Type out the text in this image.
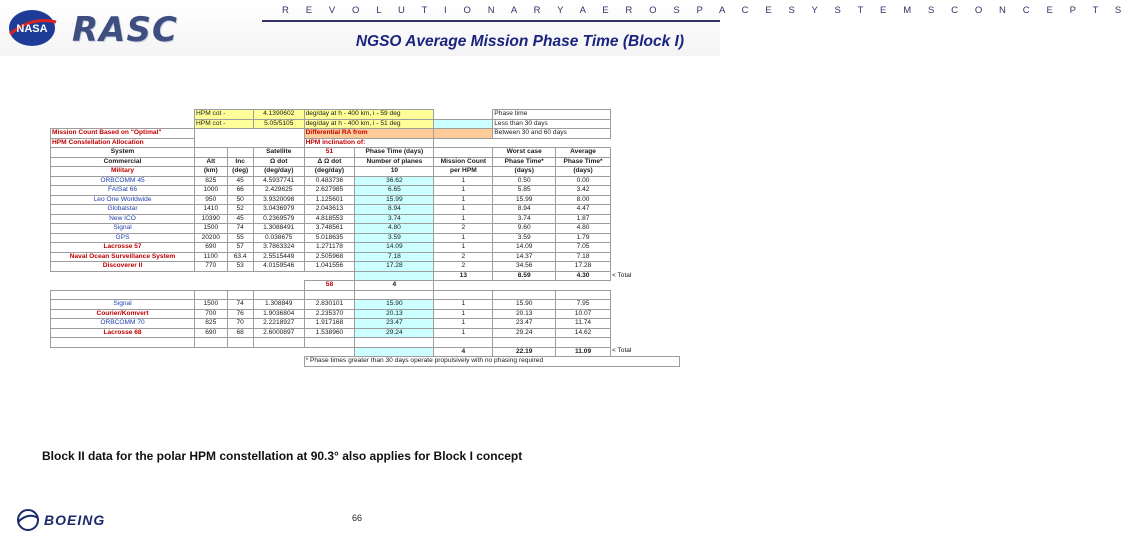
NASA RASC	R E V O L U T I O N A R Y A E R O S P A C E S Y S T E M S C O N C E P T S
NGSO Average Mission Phase Time (Block I)
	HPM cot -		4.1390602	deg/day at h - 400 km, i - 59 deg			Phase time		
	HPM cot -		5.05/5105	deg/day at h - 400 km, i - 51 deg			Less than 30 days		
Mission Count Based on "Optimal"				Differential RA from			Between 30 and 60 days		
HPM Constellation Allocation				HPM inclination of:					
System			Satellite	51	Phase Time (days)		Worst case	Average	
Commercial	Alt	Inc	Ω dot	Δ Ω dot	Number of planes	Mission Count	Phase Time*	Phase Time*	
Military	(km)	(deg)	(deg/day)	(deg/day)	10	per HPM	(days)	(days)	
ORBCOMM 45	825	45	4.5937741	0.483736	36.62	1	0.50	0.00	
FAISat 66	1000	66	2.429625	2.627985	6.65	1	5.85	3.42	
Leo One Worldwide	950	50	3.9320098	1.125601	15.99	1	15.99	8.00	
Globalstar	1410	52	3.0436979	2.043613	8.94	1	8.94	4.47	
New ICO	10390	45	0.2369579	4.818553	3.74	1	3.74	1.87	
Signal	1500	74	1.3088491	3.748561	4.80	2	9.60	4.80	
GPS	20200	55	0.038675	5.018635	3.59	1	3.59	1.79	
Lacrosse 57	690	57	3.7863324	1.271178	14.09	1	14.09	7.05	
Naval Ocean Surveillance System	1100	63.4	2.5515449	2.505968	7.18	2	14.37	7.18	
Discoverer II	770	53	4.0159546	1.041556	17.28	2	34.56	17.28	
						13	8.59	4.30	< Total
				58	4				

Signal	1500	74	1.308849	2.830101	15.90	1	15.90	7.95	
Courier/Komvert	700	76	1.9036804	2.235370	20.13	1	20.13	10.07	
ORBCOMM 70	825	70	2.2218927	1.917168	23.47	1	23.47	11.74	
Lacrosse 68	690	68	2.6000897	1.538960	29.24	1	29.24	14.62	

						4	22.19	11.09	< Total
				* Phase times greater than 30 days operate propulsively with no phasing required					
Block II data for the polar HPM constellation at 90.3° also applies for Block I concept
BOEING	66
